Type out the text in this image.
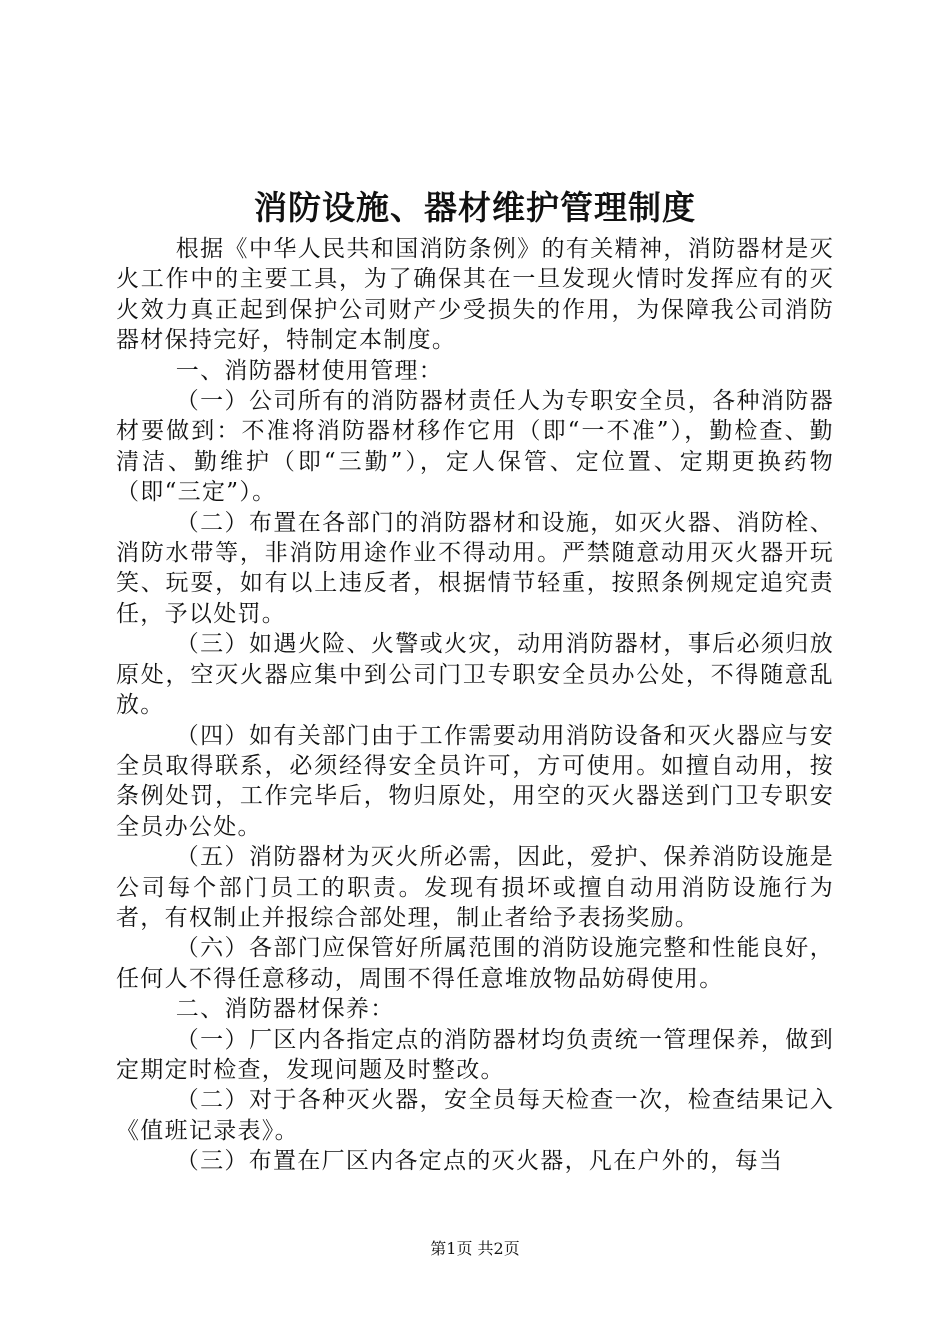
消防设施、器材维护管理制度

根据《中华人民共和国消防条例》的有关精神，消防器材是灭火工作中的主要工具，为了确保其在一旦发现火情时发挥应有的灭火效力真正起到保护公司财产少受损失的作用，为保障我公司消防器材保持完好，特制定本制度。

一、消防器材使用管理：

（一）公司所有的消防器材责任人为专职安全员，各种消防器材要做到：不准将消防器材移作它用（即“一不准”），勤检查、勤清洁、勤维护（即“三勤”），定人保管、定位置、定期更换药物（即“三定”）。

（二）布置在各部门的消防器材和设施，如灭火器、消防栓、消防水带等，非消防用途作业不得动用。严禁随意动用灭火器开玩笑、玩耍，如有以上违反者，根据情节轻重，按照条例规定追究责任，予以处罚。

（三）如遇火险、火警或火灾，动用消防器材，事后必须归放原处，空灭火器应集中到公司门卫专职安全员办公处，不得随意乱放。

（四）如有关部门由于工作需要动用消防设备和灭火器应与安全员取得联系，必须经得安全员许可，方可使用。如擅自动用，按条例处罚，工作完毕后，物归原处，用空的灭火器送到门卫专职安全员办公处。

（五）消防器材为灭火所必需，因此，爱护、保养消防设施是公司每个部门员工的职责。发现有损坏或擅自动用消防设施行为者，有权制止并报综合部处理，制止者给予表扬奖励。

（六）各部门应保管好所属范围的消防设施完整和性能良好，任何人不得任意移动，周围不得任意堆放物品妨碍使用。

二、消防器材保养：

（一）厂区内各指定点的消防器材均负责统一管理保养，做到定期定时检查，发现问题及时整改。

（二）对于各种灭火器，安全员每天检查一次，检查结果记入《值班记录表》。

（三）布置在厂区内各定点的灭火器，凡在户外的，每当

第1页 共2页
